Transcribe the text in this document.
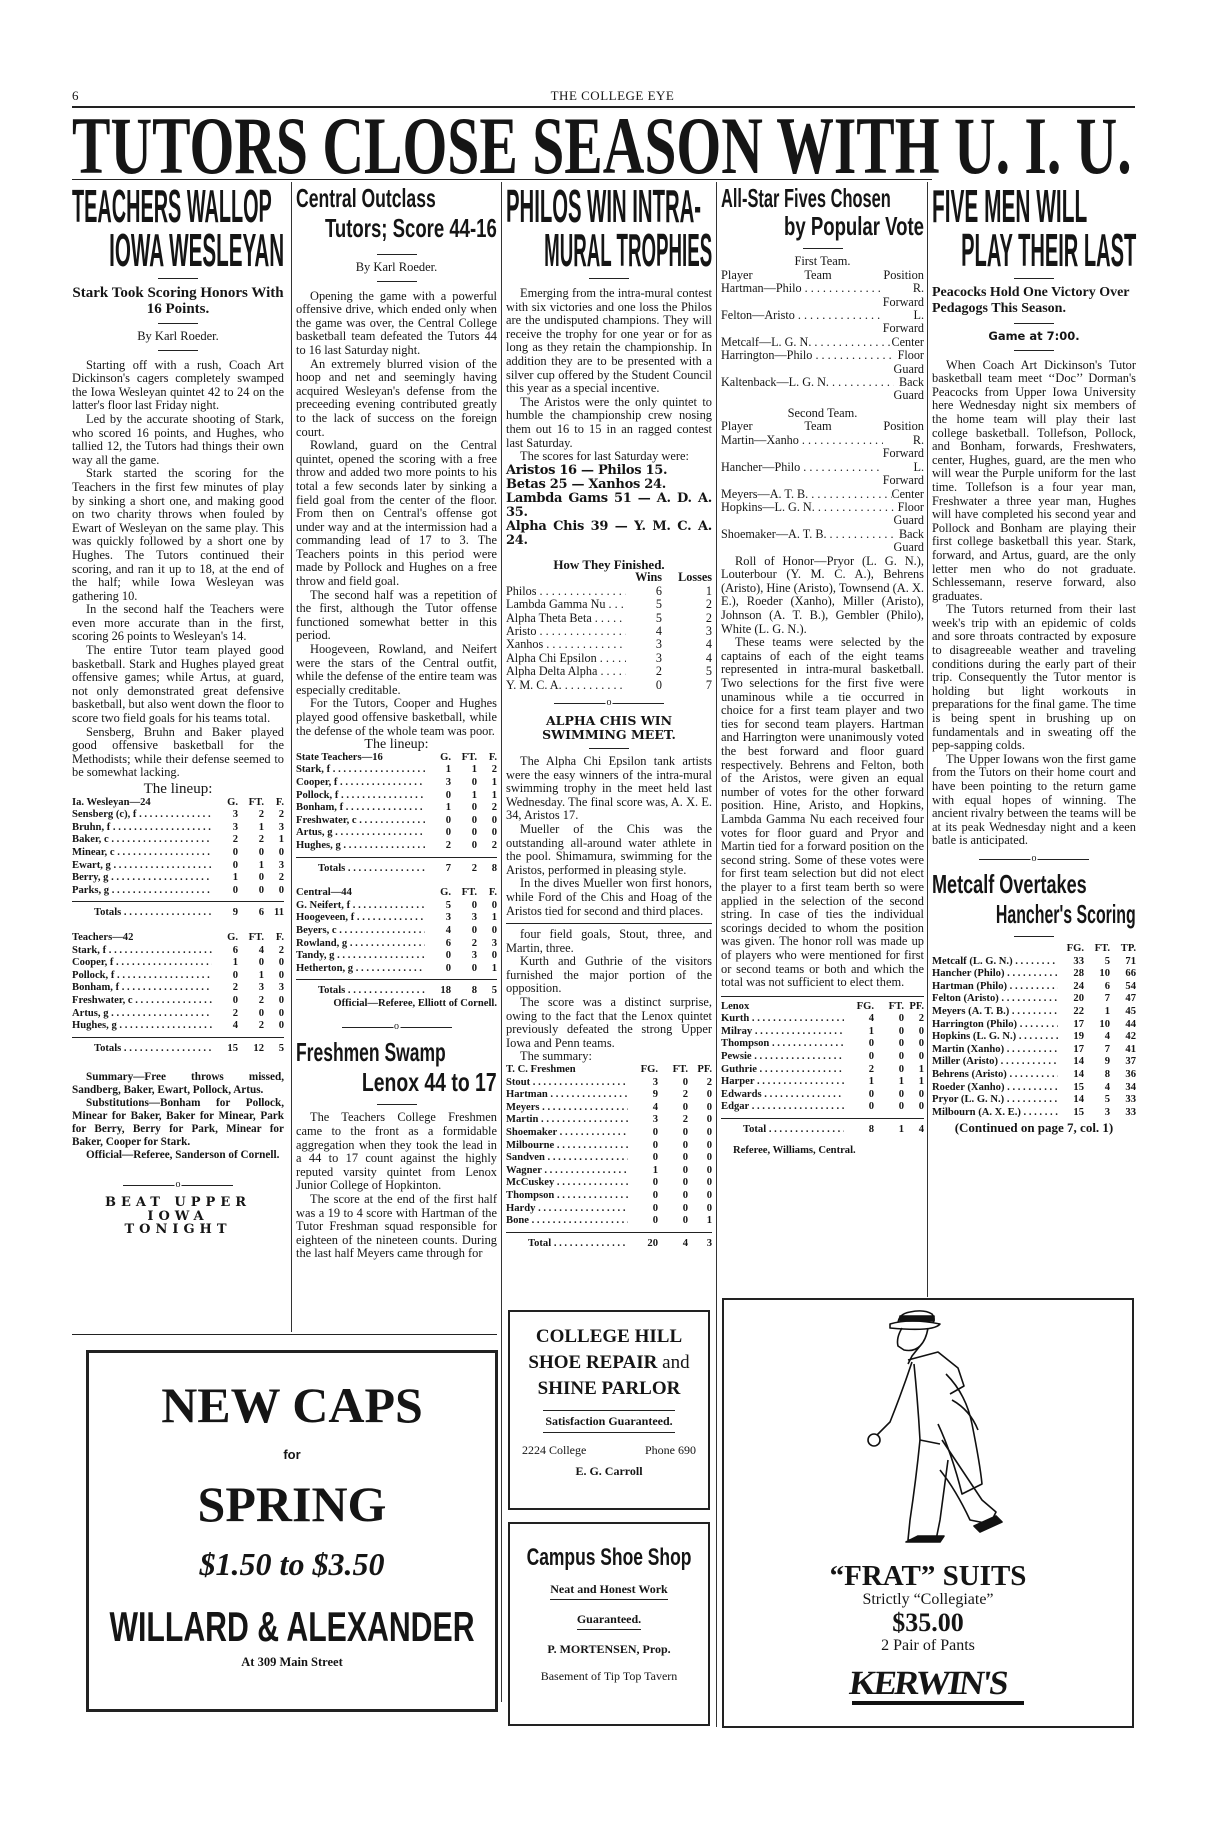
6	THE COLLEGE EYE
TUTORS CLOSE SEASON WITH U. I. U.
TEACHERS WALLOP
IOWA WESLEYAN
Stark Took Scoring Honors With 16 Points.
By Karl Roeder.

Starting off with a rush, Coach Art Dickinson's cagers completely swamped the Iowa Wesleyan quintet 42 to 24 on the latter's floor last Friday night.

Led by the accurate shooting of Stark, who scored 16 points, and Hughes, who tallied 12, the Tutors had things their own way all the game.

Stark started the scoring for the Teachers in the first few minutes of play by sinking a short one, and making good on two charity throws when fouled by Ewart of Wesleyan on the same play. This was quickly followed by a short one by Hughes. The Tutors continued their scoring, and ran it up to 18, at the end of the half; while Iowa Wesleyan was gathering 10.

In the second half the Teachers were even more accurate than in the first, scoring 26 points to Wesleyan's 14.

The entire Tutor team played good basketball. Stark and Hughes played great offensive games; while Artus, at guard, not only demonstrated great defensive basketball, but also went down the floor to score two field goals for his teams total.

Sensberg, Bruhn and Baker played good offensive basketball for the Methodists; while their defense seemed to be somewhat lacking.

The lineup:
Ia. Wesleyan—24	G. FT.	F.
Sensberg (c), f . . .	3	2	2
Bruhn, f . . .	3	1	3
Baker, c . . .	2	2	1
Minear, c . . .	0	0	0
Ewart, g . . .	0	1	3
Berry, g . . .	1	0	2
Parks, g . . .	0	0	0
Totals . . .	9	6 11
Teachers—42	G. FT.	F.
Stark, f . . .	6	4	2
Cooper, f . . .	1	0	0
Pollock, f . . .	0	1	0
Bonham, f . . .	2	3	3
Freshwater, c . . .	0	2	0
Artus, g . . .	2	0	0
Hughes, g . . .	4	2	0
Totals . . .	15	12	5

Summary—Free throws missed, Sandberg, Baker, Ewart, Pollock, Artus.

Substitutions—Bonham for Pollock, Minear for Baker, Baker for Minear, Park for Berry, Berry for Park, Minear for Baker, Cooper for Stark.

Official—Referee, Sanderson of Cornell.

o
BEAT UPPER IOWA
TONIGHT
Central Outclass
Tutors; Score 44-16
By Karl Roeder.

Opening the game with a powerful offensive drive, which ended only when the game was over, the Central College basketball team defeated the Tutors 44 to 16 last Saturday night.

An extremely blurred vision of the hoop and net and seemingly having acquired Wesleyan's defense from the preceeding evening contributed greatly to the lack of success on the foreign court.

Rowland, guard on the Central quintet, opened the scoring with a free throw and added two more points to his total a few seconds later by sinking a field goal from the center of the floor. From then on Central's offense got under way and at the intermission had a commanding lead of 17 to 3. The Teachers points in this period were made by Pollock and Hughes on a free throw and field goal.

The second half was a repetition of the first, although the Tutor offense functioned somewhat better in this period.

Hoogeveen, Rowland, and Neifert were the stars of the Central outfit, while the defense of the entire team was especially creditable.

For the Tutors, Cooper and Hughes played good offensive basketball, while the defense of the whole team was poor.

The lineup:
State Teachers—16	G. FT.	F.
Stark, f . . .	1	1	2
Cooper, f . . .	3	0	1
Pollock, f . . .	0	1	1
Bonham, f . . .	1	0	2
Freshwater, c . . .	0	0	0
Artus, g . . .	0	0	0
Hughes, g . . .	2	0	2
Totals . . .	7	2	8
Central—44	G. FT.	F.
G. Neifert, f . . .	5	0	0
Hoogeveen, f . . .	3	3	1
Beyers, c . . .	4	0	0
Rowland, g . . .	6	2	3
Tandy, g . . .	0	3	0
Hetherton, g . . .	0	0	1
Totals . . .	18	8	5
Official—Referee, Elliott of Cornell.
o
Freshmen Swamp
Lenox 44 to 17

The Teachers College Freshmen came to the front as a formidable aggregation when they took the lead in a 44 to 17 count against the highly reputed varsity quintet from Lenox Junior College of Hopkinton.

The score at the end of the first half was a 19 to 4 score with Hartman of the Tutor Freshman squad responsible for eighteen of the nineteen counts. During the last half Meyers came through for

PHILOS WIN INTRA-
MURAL TROPHIES

Emerging from the intra-mural contest with six victories and one loss the Philos are the undisputed champions. They will receive the trophy for one year or for as long as they retain the championship. In addition they are to be presented with a silver cup offered by the Student Council this year as a special incentive.

The Aristos were the only quintet to humble the championship crew nosing them out 16 to 15 in an ragged contest last Saturday.

The scores for last Saturday were:

Aristos 16 — Philos 15.
Betas 25 — Xanhos 24.
Lambda Gams 51 — A. D. A. 35.
Alpha Chis 39 — Y. M. C. A. 24.
How They Finished.
Wins	Losses
Philos . . .	6	1
Lambda Gamma Nu . . .	5	2
Alpha Theta Beta . . .	5	2
Aristo . . .	4	3
Xanhos . . .	3	4
Alpha Chi Epsilon . . .	3	4
Alpha Delta Alpha . . .	2	5
Y. M. C. A. . . .	0	7
o
ALPHA CHIS WIN SWIMMING MEET.

The Alpha Chi Epsilon tank artists were the easy winners of the intra-mural swimming trophy in the meet held last Wednesday. The final score was, A. X. E. 34, Aristos 17.

Mueller of the Chis was the outstanding all-around water athlete in the pool. Shimamura, swimming for the Aristos, performed in pleasing style.

In the dives Mueller won first honors, while Ford of the Chis and Hoag of the Aristos tied for second and third places.

four field goals, Stout, three, and Martin, three.

Kurth and Guthrie of the visitors furnished the major portion of the opposition.

The score was a distinct surprise, owing to the fact that the Lenox quintet previously defeated the strong Upper Iowa and Penn teams.

The summary:

T. C. Freshmen	FG.	FT. PF.
Stout . . .	3	0	2
Hartman . . .	9	2	0
Meyers . . .	4	0	0
Martin . . .	3	2	0
Shoemaker . . .	0	0	0
Milbourne . . .	0	0	0
Sandven . . .	0	0	0
Wagner . . .	1	0	0
McCuskey . . .	0	0	0
Thompson . . .	0	0	0
Hardy . . .	0	0	0
Bone . . .	0	0	1
Total . . .	20	4	3
All-Star Fives Chosen
by Popular Vote
First Team.
Player	Team	Position
Hartman—Philo . . .	R. Forward
Felton—Aristo . . .	L. Forward
Metcalf—L. G. N. . . .	Center
Harrington—Philo . . .	Floor Guard
Kaltenback—L. G. N. . . .	Back Guard
Second Team.
Player	Team	Position
Martin—Xanho . . .	R. Forward
Hancher—Philo . . .	L. Forward
Meyers—A. T. B. . . .	Center
Hopkins—L. G. N. . . .	Floor Guard
Shoemaker—A. T. B. . . .	Back Guard

Roll of Honor—Pryor (L. G. N.), Louterbour (Y. M. C. A.), Behrens (Aristo), Hine (Aristo), Townsend (A. X. E.), Roeder (Xanho), Miller (Aristo), Johnson (A. T. B.), Gembler (Philo), White (L. G. N.).

These teams were selected by the captains of each of the eight teams represented in intra-mural basketball. Two selections for the first five were unaminous while a tie occurred in choice for a first team player and two ties for second team players. Hartman and Harrington were unanimously voted the best forward and floor guard respectively. Behrens and Felton, both of the Aristos, were given an equal number of votes for the other forward position. Hine, Aristo, and Hopkins, Lambda Gamma Nu each received four votes for floor guard and Pryor and Martin tied for a forward position on the second string. Some of these votes were for first team selection but did not elect the player to a first team berth so were applied in the selection of the second string. In case of ties the individual scorings decided to whom the position was given. The honor roll was made up of players who were mentioned for first or second teams or both and which the total was not sufficient to elect them.

Lenox	FG.	FT. PF.
Kurth . . .	4	0	2
Milray . . .	1	0	0
Thompson . . .	0	0	0
Pewsie . . .	0	0	0
Guthrie . . .	2	0	1
Harper . . .	1	1	1
Edwards . . .	0	0	0
Edgar . . .	0	0	0
Total . . .	8	1	4
Referee, Williams, Central.
FIVE MEN WILL
PLAY THEIR LAST
Peacocks Hold One Victory Over Pedagogs This Season.
Game at 7:00.

When Coach Art Dickinson's Tutor basketball team meet ‘‘Doc’’ Dorman's Peacocks from Upper Iowa University here Wednesday night six members of the home team will play their last college basketball. Tollefson, Pollock, and Bonham, forwards, Freshwaters, center, Hughes, guard, are the men who will wear the Purple uniform for the last time. Tollefson is a four year man, Freshwater a three year man, Hughes will have completed his second year and Pollock and Bonham are playing their first college basketball this year. Stark, forward, and Artus, guard, are the only letter men who do not graduate. Schlessemann, reserve forward, also graduates.

The Tutors returned from their last week's trip with an epidemic of colds and sore throats contracted by exposure to disagreeable weather and traveling conditions during the early part of their trip. Consequently the Tutor mentor is holding but light workouts in preparations for the final game. The time is being spent in brushing up on fundamentals and in sweating off the pep-sapping colds.

The Upper Iowans won the first game from the Tutors on their home court and have been pointing to the return game with equal hopes of winning. The ancient rivalry between the teams will be at its peak Wednesday night and a keen batle is anticipated.

o
Metcalf Overtakes
Hancher's Scoring
FG. FT.	TP.
Metcalf (L. G. N.) . . .	33	5	71
Hancher (Philo) . . .	28	10	66
Hartman (Philo) . . .	24	6	54
Felton (Aristo) . . .	20	7	47
Meyers (A. T. B.) . . .	22	1	45
Harrington (Philo) . . .	17	10	44
Hopkins (L. G. N.) . . .	19	4	42
Martin (Xanho) . . .	17	7	41
Miller (Aristo) . . .	14	9	37
Behrens (Aristo) . . .	14	8	36
Roeder (Xanho) . . .	15	4	34
Pryor (L. G. N.) . . .	14	5	33
Milbourn (A. X. E.) . . .	15	3	33
(Continued on page 7, col. 1)
NEW CAPS
for
SPRING
$1.50 to $3.50
WILLARD & ALEXANDER
At 309 Main Street
COLLEGE HILL
SHOE REPAIR and
SHINE PARLOR
Satisfaction Guaranteed.
2224 College	Phone 690
E. G. Carroll
Campus Shoe Shop
Neat and Honest Work
Guaranteed.
P. MORTENSEN, Prop.
Basement of Tip Top Tavern
“FRAT” SUITS
Strictly “Collegiate”
$35.00
2 Pair of Pants
KERWIN'S
